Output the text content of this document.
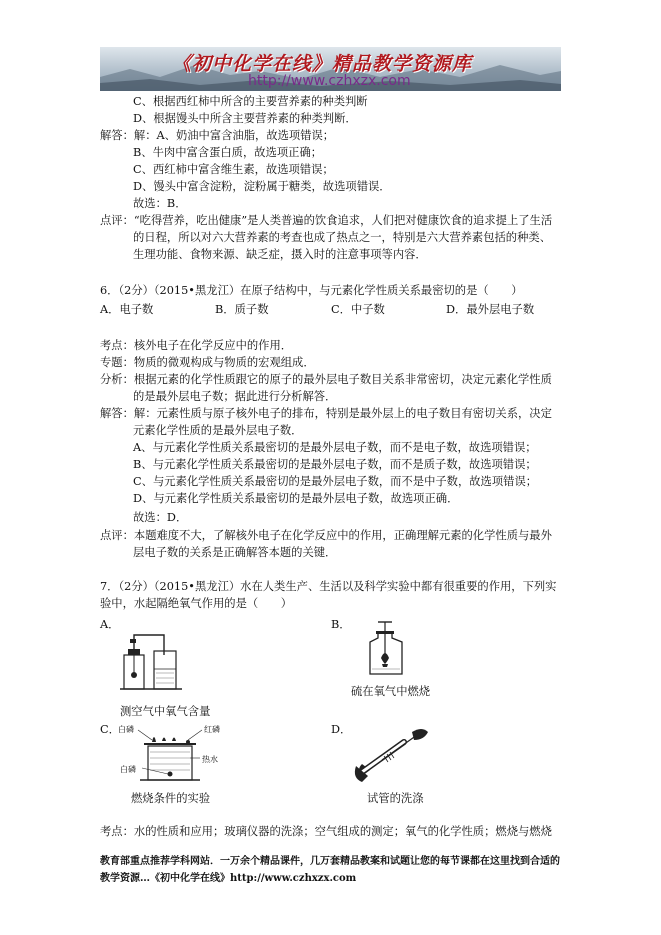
《初中化学在线》精品教学资源库
http://www.czhxzx.com
C、根据西红柿中所含的主要营养素的种类判断
D、根据馒头中所含主要营养素的种类判断．
解答：解：A、奶油中富含油脂，故选项错误；
B、牛肉中富含蛋白质，故选项正确；
C、西红柿中富含维生素，故选项错误；
D、馒头中富含淀粉，淀粉属于糖类，故选项错误．
故选：B．
点评：“吃得营养，吃出健康”是人类普遍的饮食追求，人们把对健康饮食的追求提上了生活
的日程，所以对六大营养素的考查也成了热点之一，特别是六大营养素包括的种类、
生理功能、食物来源、缺乏症，摄入时的注意事项等内容．
6．（2分）（2015•黑龙江）在原子结构中，与元素化学性质关系最密切的是（　　）
A．电子数	B．质子数	C．中子数	D．最外层电子数
考点：核外电子在化学反应中的作用．
专题：物质的微观构成与物质的宏观组成．
分析：根据元素的化学性质跟它的原子的最外层电子数目关系非常密切，决定元素化学性质
的是最外层电子数；据此进行分析解答．
解答：解：元素性质与原子核外电子的排布，特别是最外层上的电子数目有密切关系，决定
元素化学性质的是最外层电子数．
A、与元素化学性质关系最密切的是最外层电子数，而不是电子数，故选项错误；
B、与元素化学性质关系最密切的是最外层电子数，而不是质子数，故选项错误；
C、与元素化学性质关系最密切的是最外层电子数，而不是中子数，故选项错误；
D、与元素化学性质关系最密切的是最外层电子数，故选项正确．
故选：D．
点评：本题难度不大，了解核外电子在化学反应中的作用，正确理解元素的化学性质与最外
层电子数的关系是正确解答本题的关键．
7．（2分）（2015•黑龙江）水在人类生产、生活以及科学实验中都有很重要的作用，下列实
验中，水起隔绝氧气作用的是（　　）
A．	B．
测空气中氧气含量
硫在氧气中燃烧
C．	D．
白磷	红磷
热水
白磷
燃烧条件的实验	试管的洗涤
考点：水的性质和应用；玻璃仪器的洗涤；空气组成的测定；氧气的化学性质；燃烧与燃烧
教育部重点推荐学科网站．一万余个精品课件，几万套精品教案和试题让您的每节课都在这里找到合适的
教学资源…《初中化学在线》http://www.czhxzx.com
